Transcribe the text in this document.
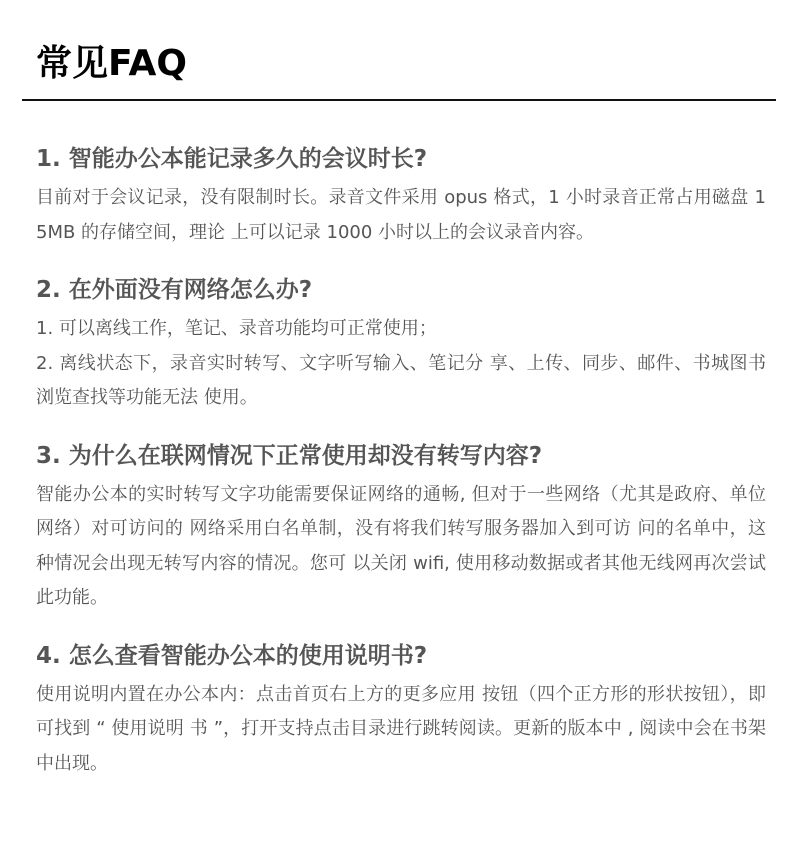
常见FAQ
1. 智能办公本能记录多久的会议时长?

目前对于会议记录，没有限制时长。录音文件采用 opus 格式，1 小时录音正常占用磁盘 15MB 的存储空间，理论 上可以记录 1000 小时以上的会议录音内容。

2. 在外面没有网络怎么办?
1. 可以离线工作，笔记、录音功能均可正常使用；
2. 离线状态下，录音实时转写、文字听写输入、笔记分 享、上传、同步、邮件、书城图书浏览查找等功能无法 使用。
3. 为什么在联网情况下正常使用却没有转写内容?

智能办公本的实时转写文字功能需要保证网络的通畅, 但对于一些网络（尤其是政府、单位网络）对可访问的 网络采用白名单制，没有将我们转写服务器加入到可访 问的名单中，这种情况会出现无转写内容的情况。您可 以关闭 wifi, 使用移动数据或者其他无线网再次尝试此功能。

4. 怎么查看智能办公本的使用说明书?

使用说明内置在办公本内：点击首页右上方的更多应用 按钮（四个正方形的形状按钮），即可找到 “ 使用说明 书 ”，打开支持点击目录进行跳转阅读。更新的版本中 , 阅读中会在书架中出现。
